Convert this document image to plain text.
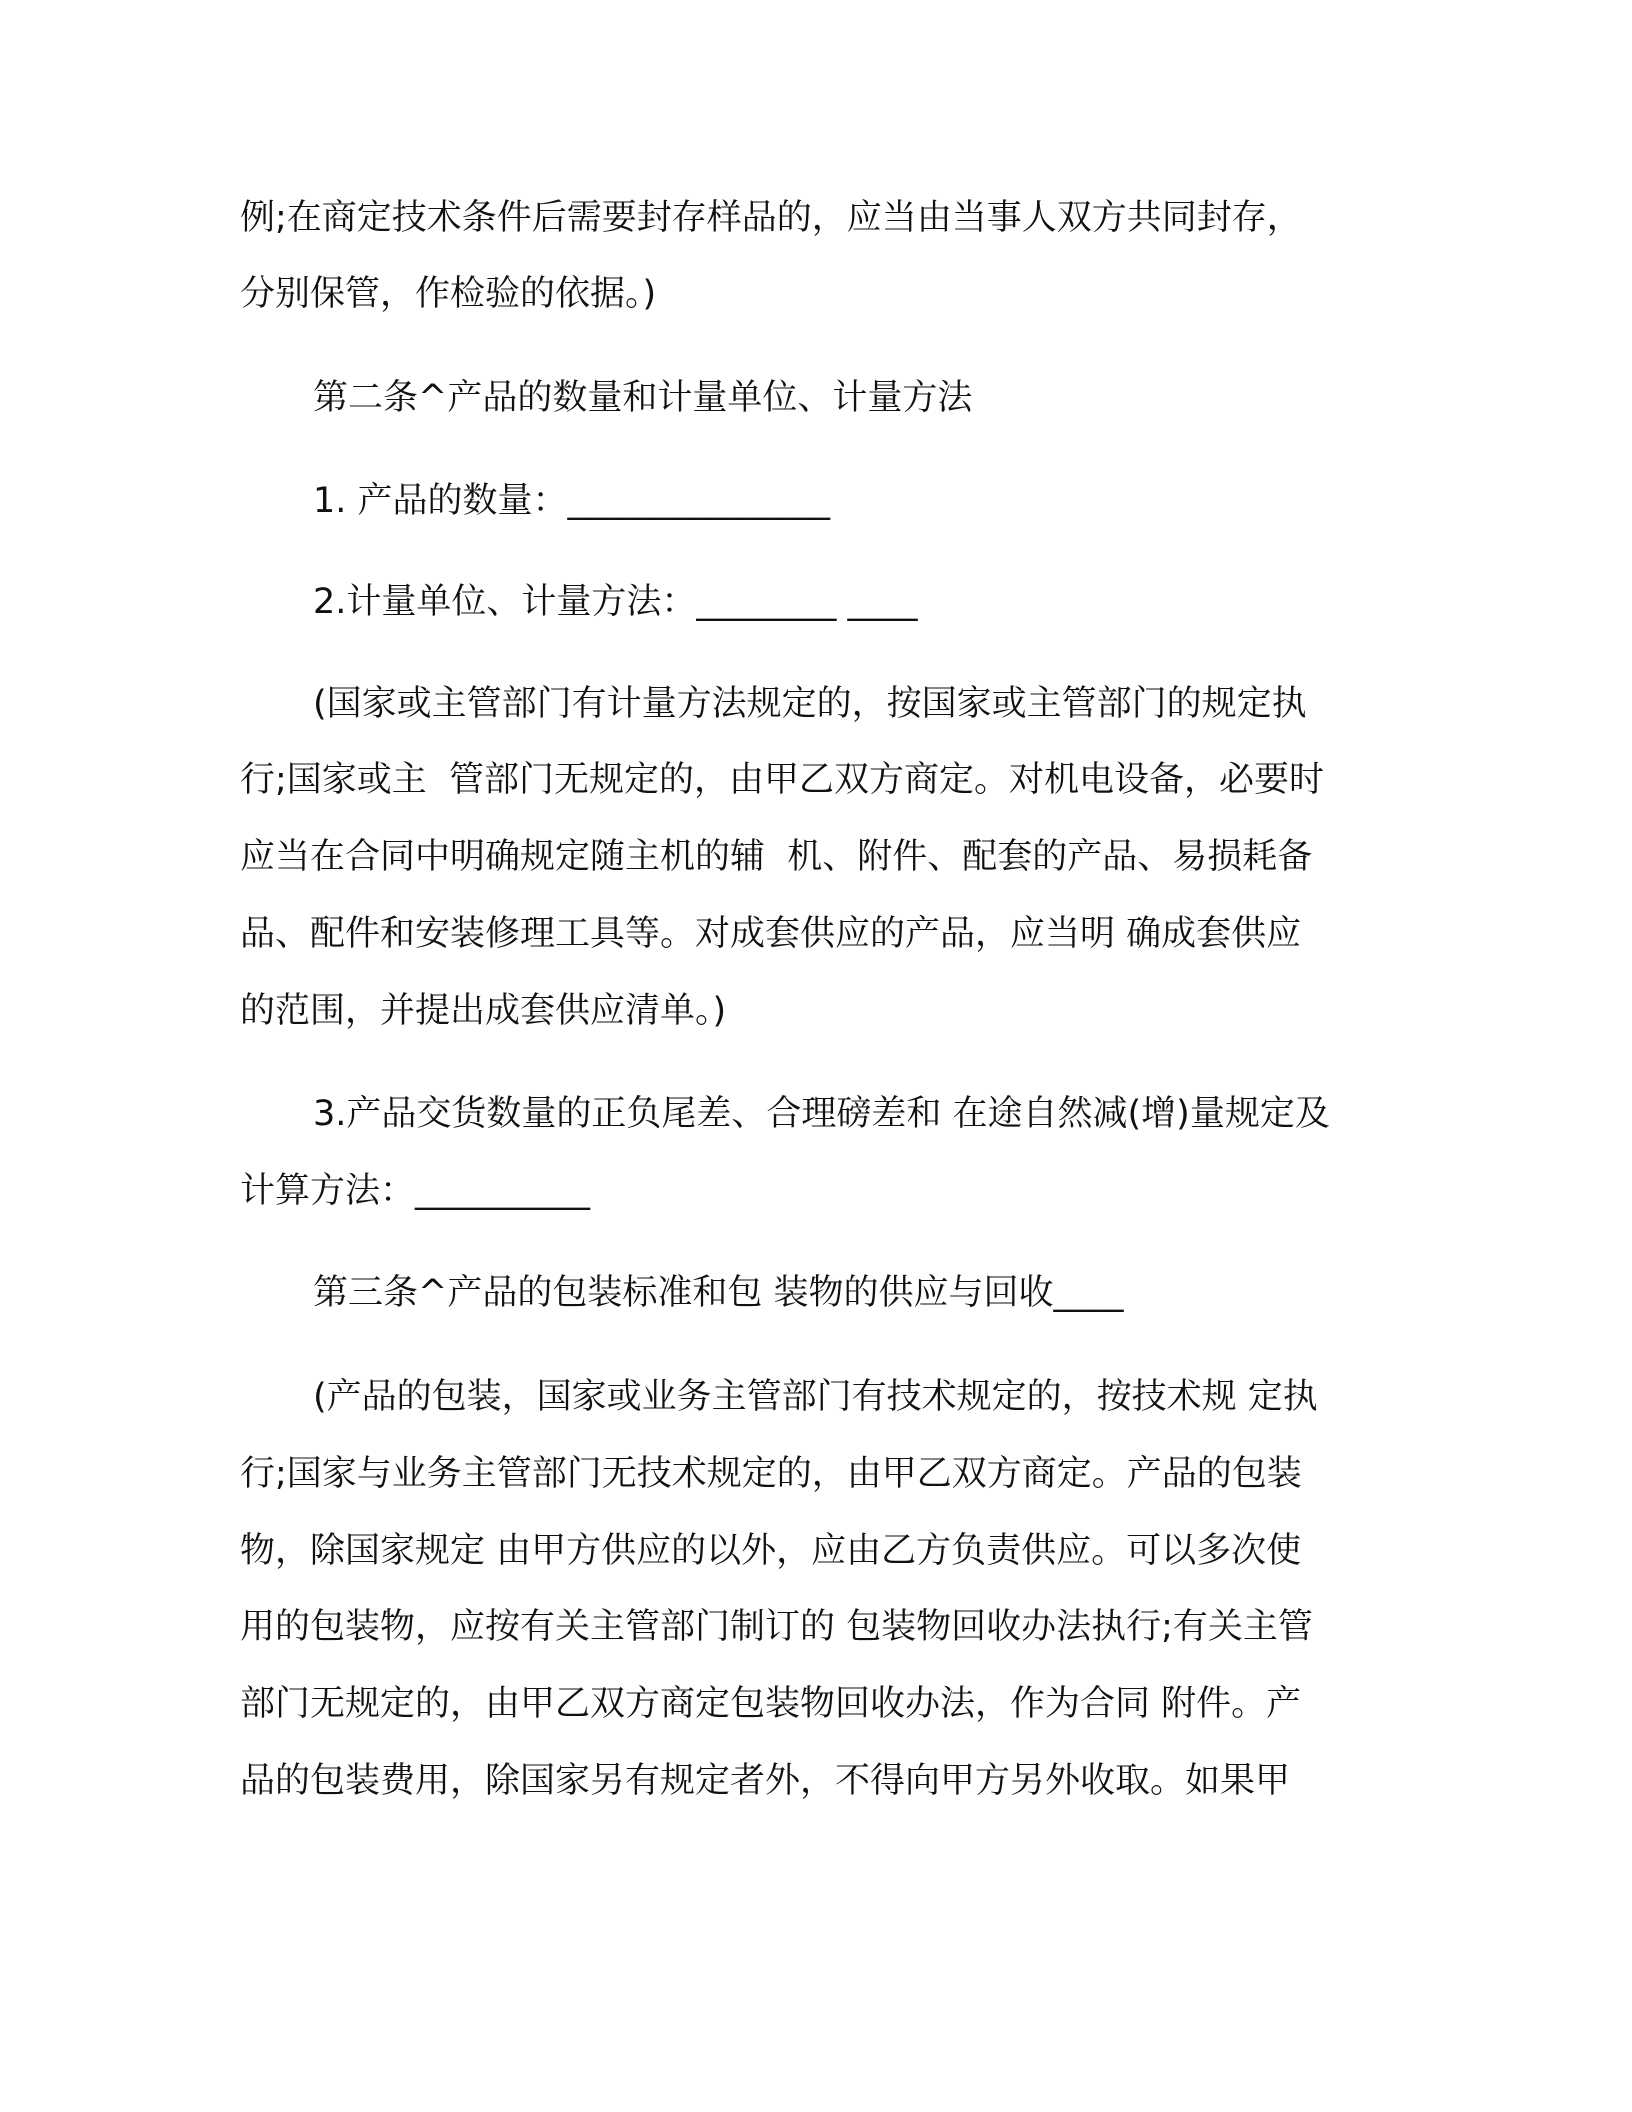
例;在商定技术条件后需要封存样品的，应当由当事人双方共同封存，

分别保管，作检验的依据。)

第二条^产品的数量和计量单位、计量方法

1. 产品的数量：_______________

2.计量单位、计量方法：________ ____

(国家或主管部门有计量方法规定的，按国家或主管部门的规定执

行;国家或主  管部门无规定的，由甲乙双方商定。对机电设备，必要时

应当在合同中明确规定随主机的辅  机、附件、配套的产品、易损耗备

品、配件和安装修理工具等。对成套供应的产品，应当明 确成套供应

的范围，并提出成套供应清单。)

3.产品交货数量的正负尾差、合理磅差和 在途自然减(增)量规定及

计算方法：__________

第三条^产品的包装标准和包 装物的供应与回收____

(产品的包装，国家或业务主管部门有技术规定的，按技术规 定执

行;国家与业务主管部门无技术规定的，由甲乙双方商定。产品的包装

物，除国家规定 由甲方供应的以外，应由乙方负责供应。可以多次使

用的包装物，应按有关主管部门制订的 包装物回收办法执行;有关主管

部门无规定的，由甲乙双方商定包装物回收办法，作为合同 附件。产

品的包装费用，除国家另有规定者外，不得向甲方另外收取。如果甲
